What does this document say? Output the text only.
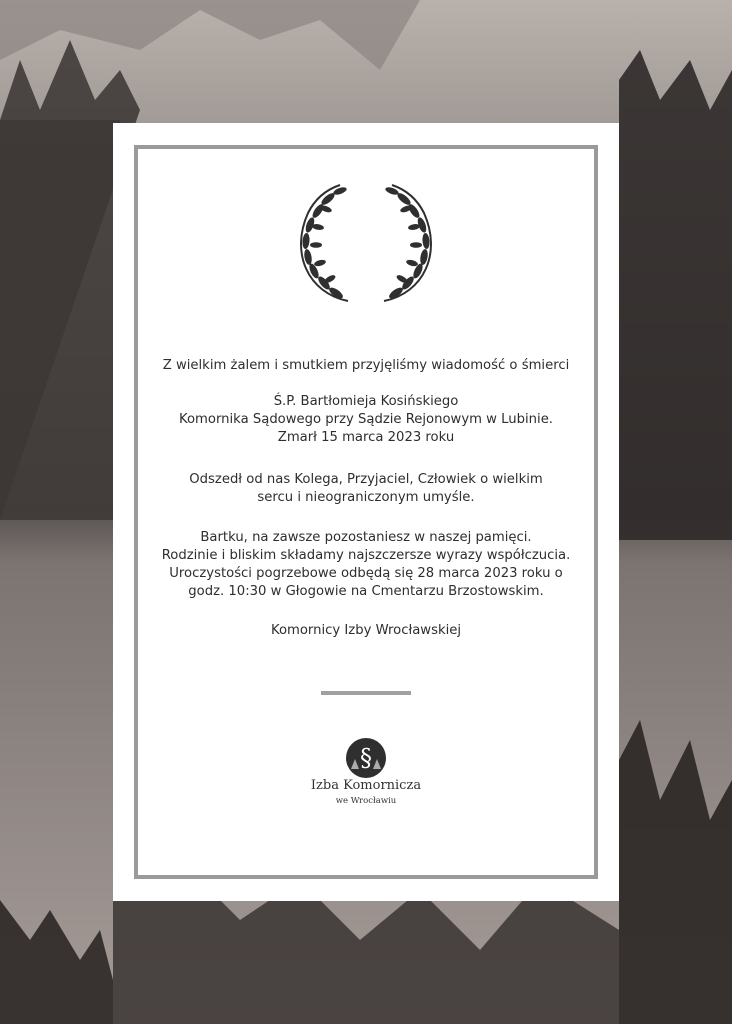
Z wielkim żalem i smutkiem przyjęliśmy wiadomość o śmierci
Ś.P. Bartłomieja Kosińskiego
Komornika Sądowego przy Sądzie Rejonowym w Lubinie.
Zmarł 15 marca 2023 roku
Odszedł od nas Kolega, Przyjaciel, Człowiek o wielkim
sercu i nieograniczonym umyśle.
Bartku, na zawsze pozostaniesz w naszej pamięci.
Rodzinie i bliskim składamy najszczersze wyrazy współczucia.
Uroczystości pogrzebowe odbędą się 28 marca 2023 roku o
godz. 10:30 w Głogowie na Cmentarzu Brzostowskim.
Komornicy Izby Wrocławskiej
§
Izba Komornicza
we Wrocławiu
